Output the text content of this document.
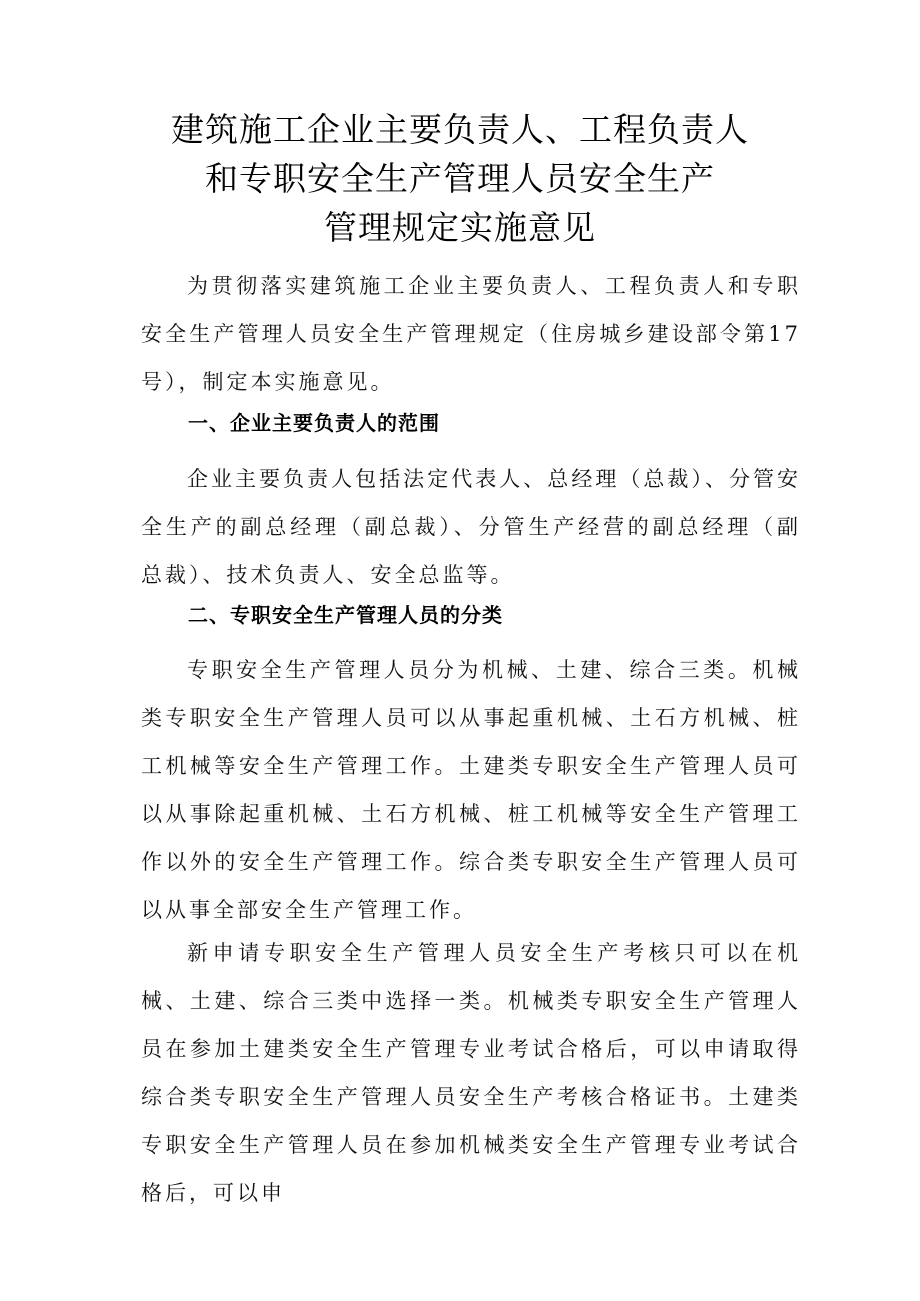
建筑施工企业主要负责人、工程负责人
和专职安全生产管理人员安全生产
管理规定实施意见

为贯彻落实建筑施工企业主要负责人、工程负责人和专职安全生产管理人员安全生产管理规定（住房城乡建设部令第17号），制定本实施意见。

一、企业主要负责人的范围

企业主要负责人包括法定代表人、总经理（总裁）、分管安全生产的副总经理（副总裁）、分管生产经营的副总经理（副总裁）、技术负责人、安全总监等。

二、专职安全生产管理人员的分类

专职安全生产管理人员分为机械、土建、综合三类。机械类专职安全生产管理人员可以从事起重机械、土石方机械、桩工机械等安全生产管理工作。土建类专职安全生产管理人员可以从事除起重机械、土石方机械、桩工机械等安全生产管理工作以外的安全生产管理工作。综合类专职安全生产管理人员可以从事全部安全生产管理工作。

新申请专职安全生产管理人员安全生产考核只可以在机械、土建、综合三类中选择一类。机械类专职安全生产管理人员在参加土建类安全生产管理专业考试合格后，可以申请取得综合类专职安全生产管理人员安全生产考核合格证书。土建类专职安全生产管理人员在参加机械类安全生产管理专业考试合格后，可以申
